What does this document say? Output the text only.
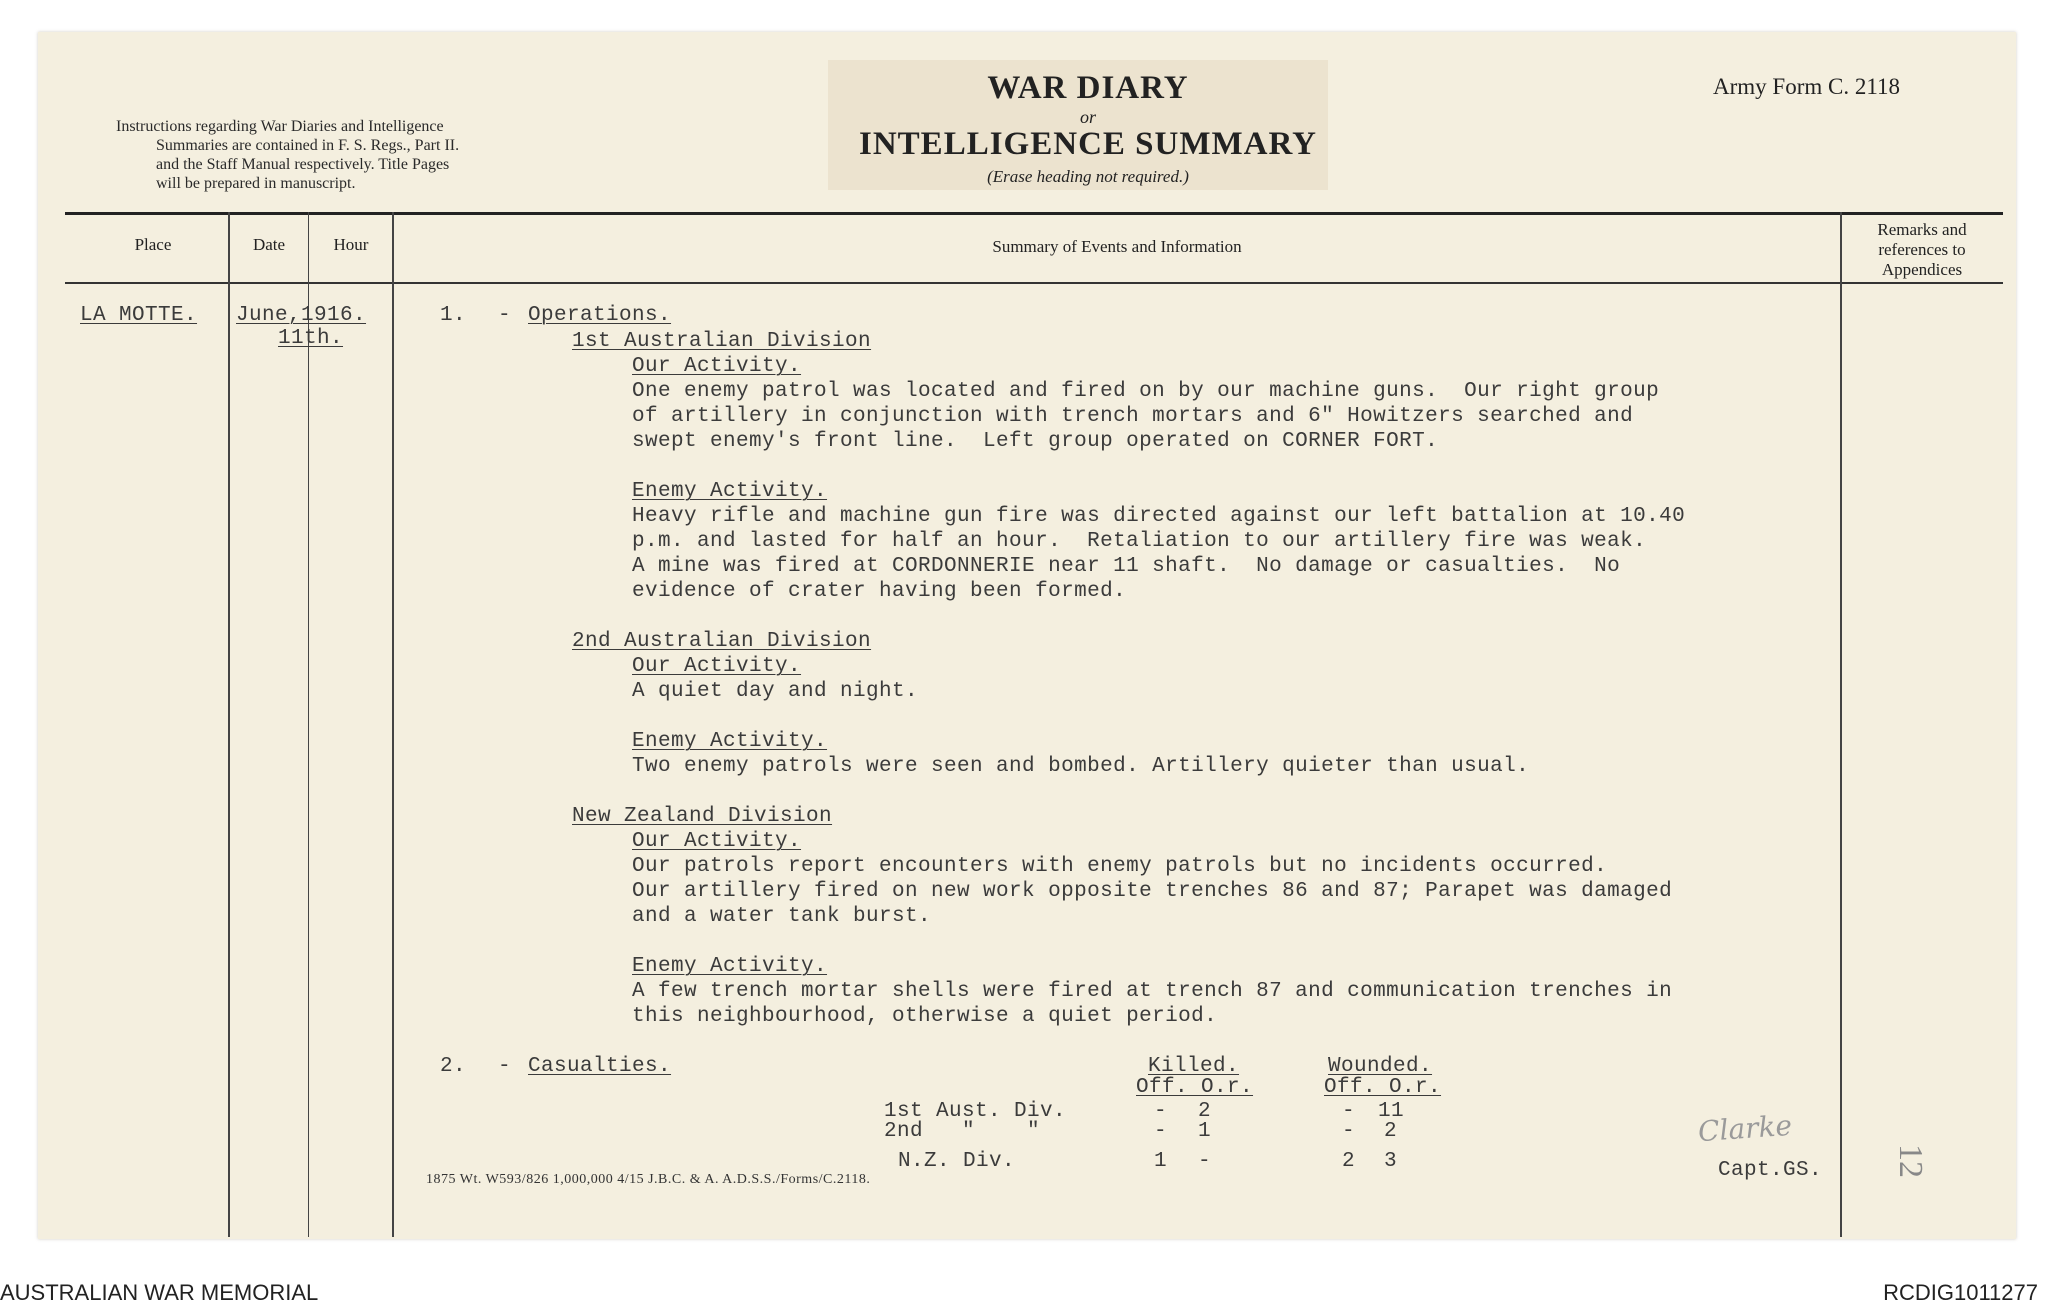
Instructions regarding War Diaries and Intelligence
Summaries are contained in F. S. Regs., Part II.
and the Staff Manual respectively. Title Pages
will be prepared in manuscript.
WAR DIARY
or
INTELLIGENCE SUMMARY
(Erase heading not required.)
Army Form C. 2118
Place	Date	Hour	Summary of Events and Information
Remarks and
references to
Appendices
LA MOTTE. June,1916.
11th.
1. - Operations.
1st Australian Division
Our Activity.
One enemy patrol was located and fired on by our machine guns.  Our right group
of artillery in conjunction with trench mortars and 6" Howitzers searched and
swept enemy's front line.  Left group operated on CORNER FORT.
Enemy Activity.
Heavy rifle and machine gun fire was directed against our left battalion at 10.40
p.m. and lasted for half an hour.  Retaliation to our artillery fire was weak.
A mine was fired at CORDONNERIE near 11 shaft.  No damage or casualties.  No
evidence of crater having been formed.
2nd Australian Division
Our Activity.
A quiet day and night.
Enemy Activity.
Two enemy patrols were seen and bombed. Artillery quieter than usual.
New Zealand Division
Our Activity.
Our patrols report encounters with enemy patrols but no incidents occurred.
Our artillery fired on new work opposite trenches 86 and 87; Parapet was damaged
and a water tank burst.
Enemy Activity.
A few trench mortar shells were fired at trench 87 and communication trenches in
this neighbourhood, otherwise a quiet period.
2. - Casualties.	Killed.	Wounded.
Off. O.r.	Off. O.r.
1st Aust. Div.	- 2	- 11
2nd   "    "	- 1	- 2
N.Z. Div.	1 -	2 3
Clarke
Capt.GS. 12
1875 Wt. W593/826 1,000,000 4/15 J.B.C. & A. A.D.S.S./Forms/C.2118.
AUSTRALIAN WAR MEMORIAL	RCDIG1011277
